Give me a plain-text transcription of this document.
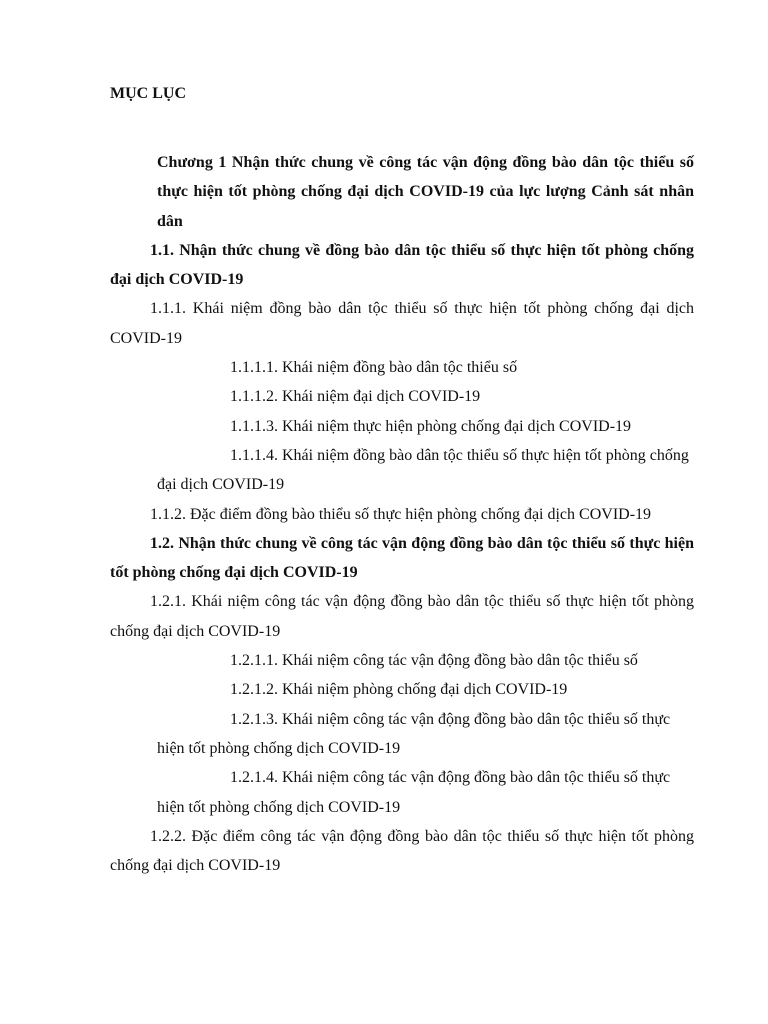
MỤC LỤC

Chương 1 Nhận thức chung về công tác vận động đồng bào dân tộc thiểu số thực hiện tốt phòng chống đại dịch COVID-19 của lực lượng Cảnh sát nhân dân

1.1. Nhận thức chung về đồng bào dân tộc thiểu số thực hiện tốt phòng chống đại dịch COVID-19

1.1.1. Khái niệm đồng bào dân tộc thiểu số thực hiện tốt phòng chống đại dịch COVID-19

1.1.1.1. Khái niệm đồng bào dân tộc thiểu số

1.1.1.2. Khái niệm đại dịch COVID-19

1.1.1.3. Khái niệm thực hiện phòng chống đại dịch COVID-19

1.1.1.4. Khái niệm đồng bào dân tộc thiểu số thực hiện tốt phòng chống đại dịch COVID-19

1.1.2. Đặc điểm đồng bào thiểu số thực hiện phòng chống đại dịch COVID-19

1.2. Nhận thức chung về công tác vận động đồng bào dân tộc thiểu số thực hiện tốt phòng chống đại dịch COVID-19

1.2.1. Khái niệm công tác vận động đồng bào dân tộc thiểu số thực hiện tốt phòng chống đại dịch COVID-19

1.2.1.1. Khái niệm công tác vận động đồng bào dân tộc thiểu số

1.2.1.2. Khái niệm phòng chống đại dịch COVID-19

1.2.1.3. Khái niệm công tác vận động đồng bào dân tộc thiểu số thực hiện tốt phòng chống dịch COVID-19

1.2.1.4. Khái niệm công tác vận động đồng bào dân tộc thiểu số thực hiện tốt phòng chống dịch COVID-19

1.2.2. Đặc điểm công tác vận động đồng bào dân tộc thiểu số thực hiện tốt phòng chống đại dịch COVID-19
